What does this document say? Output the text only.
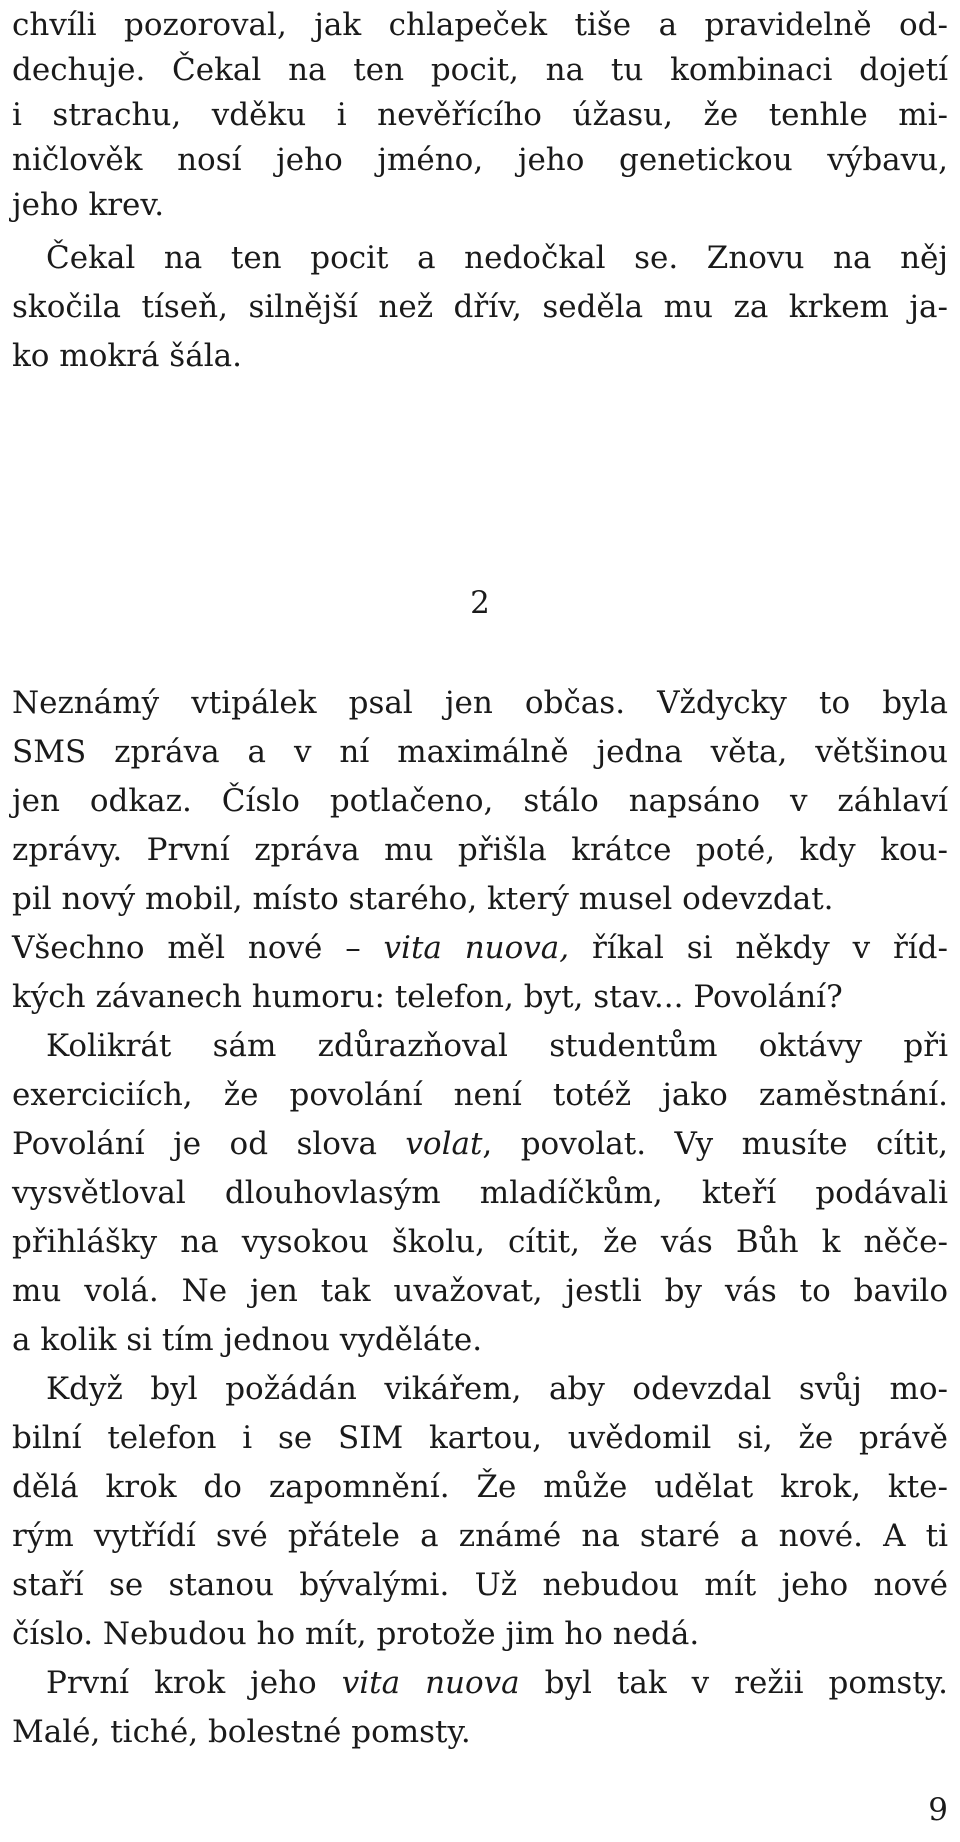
chvíli pozoroval, jak chlapeček tiše a pravidelně od-
dechuje. Čekal na ten pocit, na tu kombinaci dojetí
i strachu, vděku i nevěřícího úžasu, že tenhle mi-
ničlověk nosí jeho jméno, jeho genetickou výbavu,
jeho krev.
Čekal na ten pocit a nedočkal se. Znovu na něj
skočila tíseň, silnější než dřív, seděla mu za krkem ja-
ko mokrá šála.
2
Neznámý vtipálek psal jen občas. Vždycky to byla
SMS zpráva a v ní maximálně jedna věta, většinou
jen odkaz. Číslo potlačeno, stálo napsáno v záhlaví
zprávy. První zpráva mu přišla krátce poté, kdy kou-
pil nový mobil, místo starého, který musel odevzdat.
Všechno měl nové – vita nuova, říkal si někdy v říd-
kých závanech humoru: telefon, byt, stav... Povolání?
Kolikrát sám zdůrazňoval studentům oktávy při
exerciciích, že povolání není totéž jako zaměstnání.
Povolání je od slova volat, povolat. Vy musíte cítit,
vysvětloval dlouhovlasým mladíčkům, kteří podávali
přihlášky na vysokou školu, cítit, že vás Bůh k něče-
mu volá. Ne jen tak uvažovat, jestli by vás to bavilo
a kolik si tím jednou vyděláte.
Když byl požádán vikářem, aby odevzdal svůj mo-
bilní telefon i se SIM kartou, uvědomil si, že právě
dělá krok do zapomnění. Že může udělat krok, kte-
rým vytřídí své přátele a známé na staré a nové. A ti
staří se stanou bývalými. Už nebudou mít jeho nové
číslo. Nebudou ho mít, protože jim ho nedá.
První krok jeho vita nuova byl tak v režii pomsty.
Malé, tiché, bolestné pomsty.
9
